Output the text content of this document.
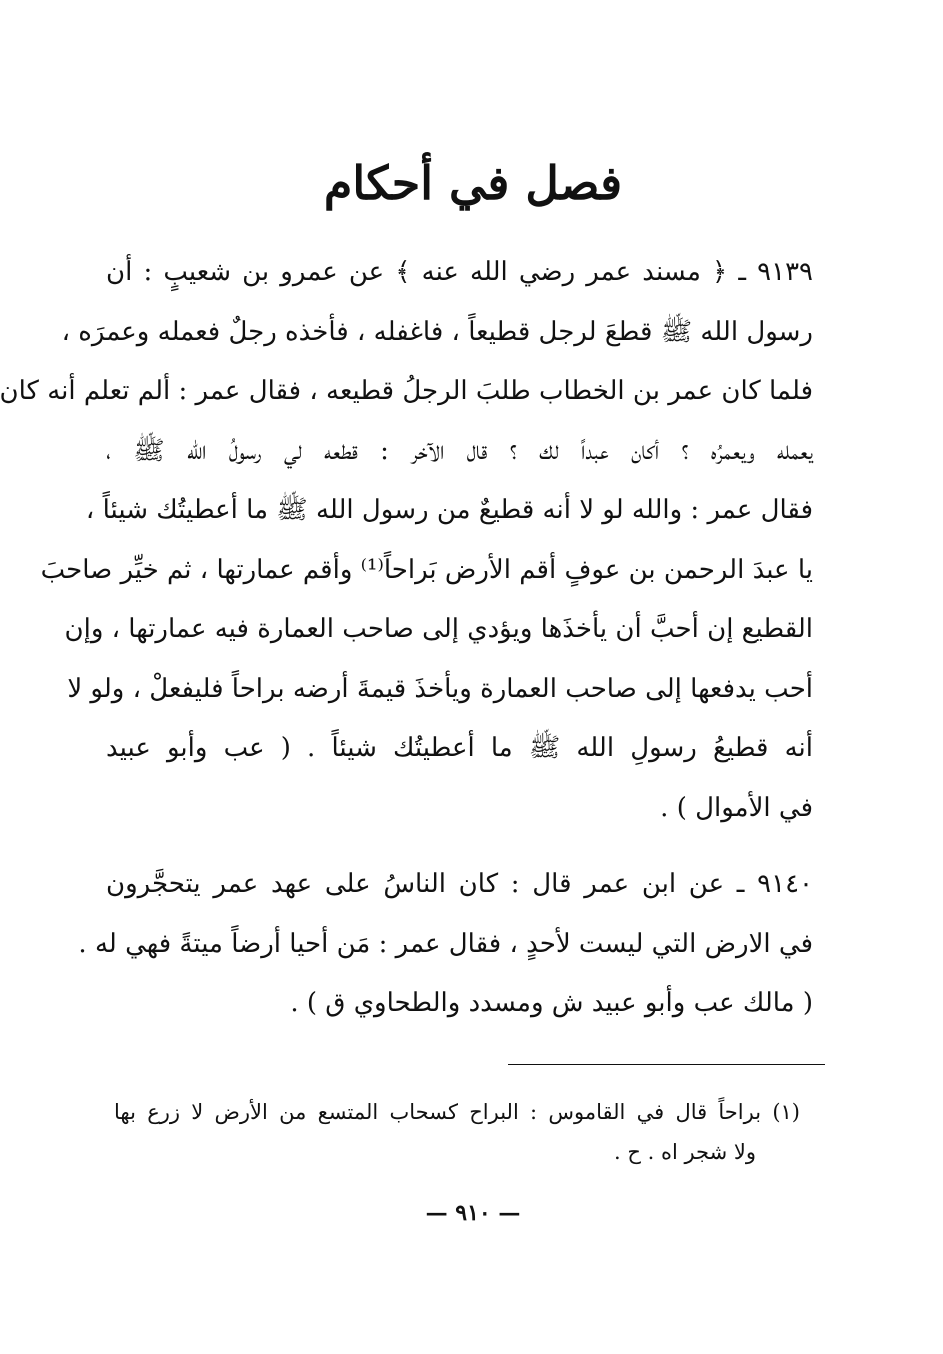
فصل في أحكام
٩١٣٩ ـ ﴿ مسند عمر رضي الله عنه ﴾ عن عمرو بن شعيبٍ : أن
رسول الله ﷺ قطعَ لرجل قطيعاً ، فاغفله ، فأخذه رجلٌ فعمله وعمرَه ،
فلما كان عمر بن الخطاب طلبَ الرجلُ قطيعه ، فقال عمر : ألم تعلم أنه كان
يعمله ويعمرُه ؟ أكان عبداً لك ؟ قال الآخر : قطعه لي رسولُ الله ﷺ ،
فقال عمر : والله لو لا أنه قطيعٌ من رسول الله ﷺ ما أعطيتُك شيئاً ،
يا عبدَ الرحمن بن عوفٍ أقم الأرض بَراحاً⁽¹⁾ وأقم عمارتها ، ثم خيِّر صاحبَ
القطيع إن أحبَّ أن يأخذَها ويؤدي إلى صاحب العمارة فيه عمارتها ، وإن
أحب يدفعها إلى صاحب العمارة ويأخذَ قيمةَ أرضه براحاً فليفعلْ ، ولو لا
أنه قطيعُ رسولِ الله ﷺ ما أعطيتُك شيئاً . ( عب وأبو عبيد
في الأموال ) .
٩١٤٠ ـ عن ابن عمر قال : كان الناسُ على عهد عمر يتحجَّرون
في الارض التي ليست لأحدٍ ، فقال عمر : مَن أحيا أرضاً ميتةً فهي له .
( مالك عب وأبو عبيد ش ومسدد والطحاوي ق ) .
(١) براحاً قال في القاموس : البراح كسحاب المتسع من الأرض لا زرع بها
ولا شجر اه . ح .
— ٩١٠ —
